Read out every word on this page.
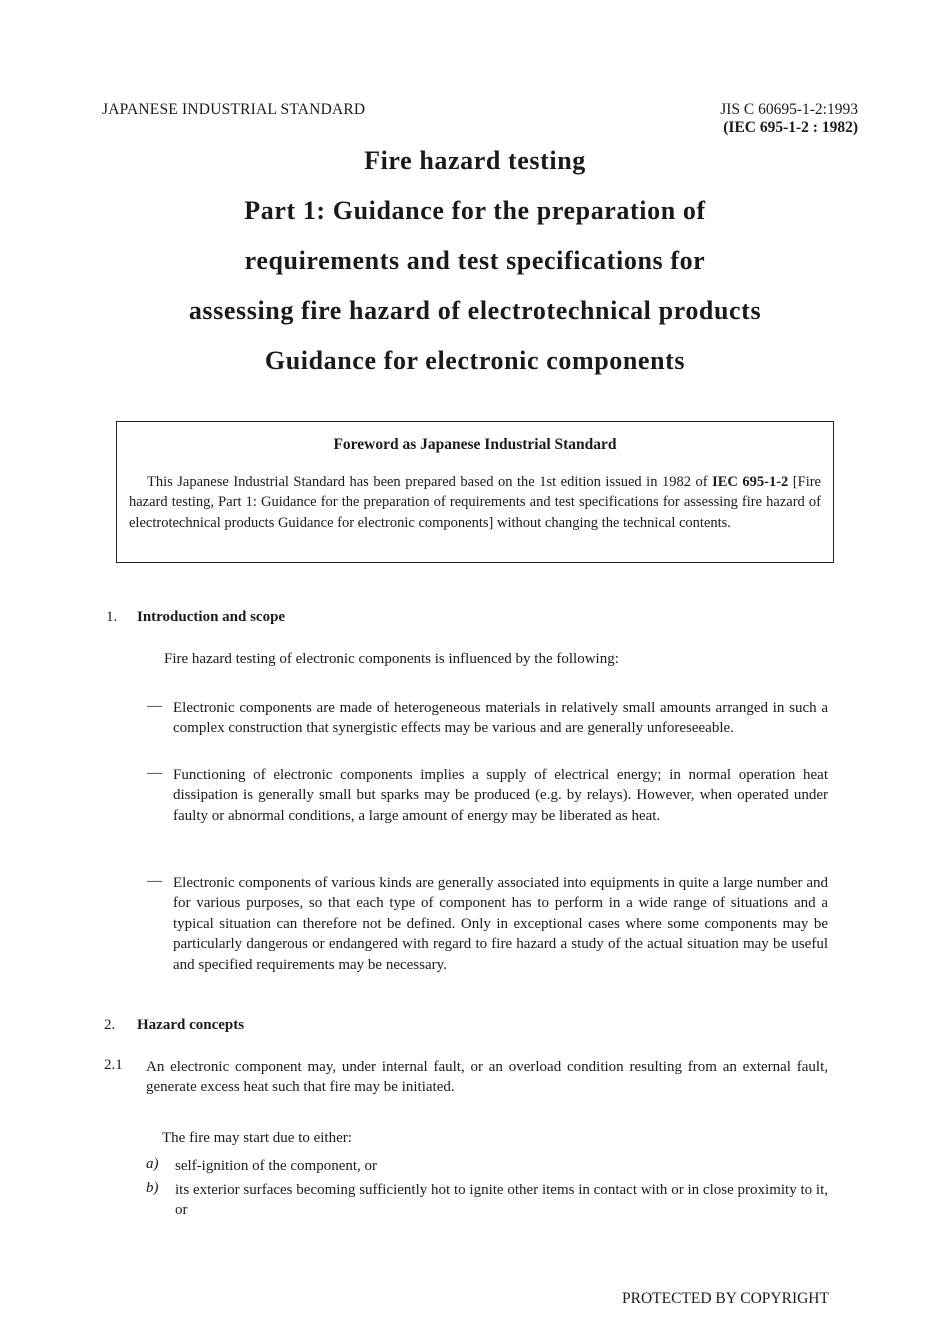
JAPANESE INDUSTRIAL STANDARD	JIS C 60695-1-2:1993
(IEC 695-1-2 : 1982)
Fire hazard testing
Part 1: Guidance for the preparation of
requirements and test specifications for
assessing fire hazard of electrotechnical products
Guidance for electronic components
Foreword as Japanese Industrial Standard
This Japanese Industrial Standard has been prepared based on the 1st edition issued in 1982 of IEC 695-1-2 [Fire hazard testing, Part 1: Guidance for the preparation of requirements and test specifications for assessing fire hazard of electrotechnical products Guidance for electronic components] without changing the technical contents.
1. Introduction and scope
Fire hazard testing of electronic components is influenced by the following:
— Electronic components are made of heterogeneous materials in relatively small amounts arranged in such a complex construction that synergistic effects may be various and are generally unforeseeable.
— Functioning of electronic components implies a supply of electrical energy; in normal operation heat dissipation is generally small but sparks may be produced (e.g. by relays). However, when operated under faulty or abnormal conditions, a large amount of energy may be liberated as heat.
— Electronic components of various kinds are generally associated into equipments in quite a large number and for various purposes, so that each type of component has to perform in a wide range of situations and a typical situation can therefore not be defined. Only in exceptional cases where some components may be particularly dangerous or endangered with regard to fire hazard a study of the actual situation may be useful and specified requirements may be necessary.
2. Hazard concepts
2.1 An electronic component may, under internal fault, or an overload condition resulting from an external fault, generate excess heat such that fire may be initiated.
The fire may start due to either:
a) self-ignition of the component, or
b) its exterior surfaces becoming sufficiently hot to ignite other items in contact with or in close proximity to it, or
PROTECTED BY COPYRIGHT
